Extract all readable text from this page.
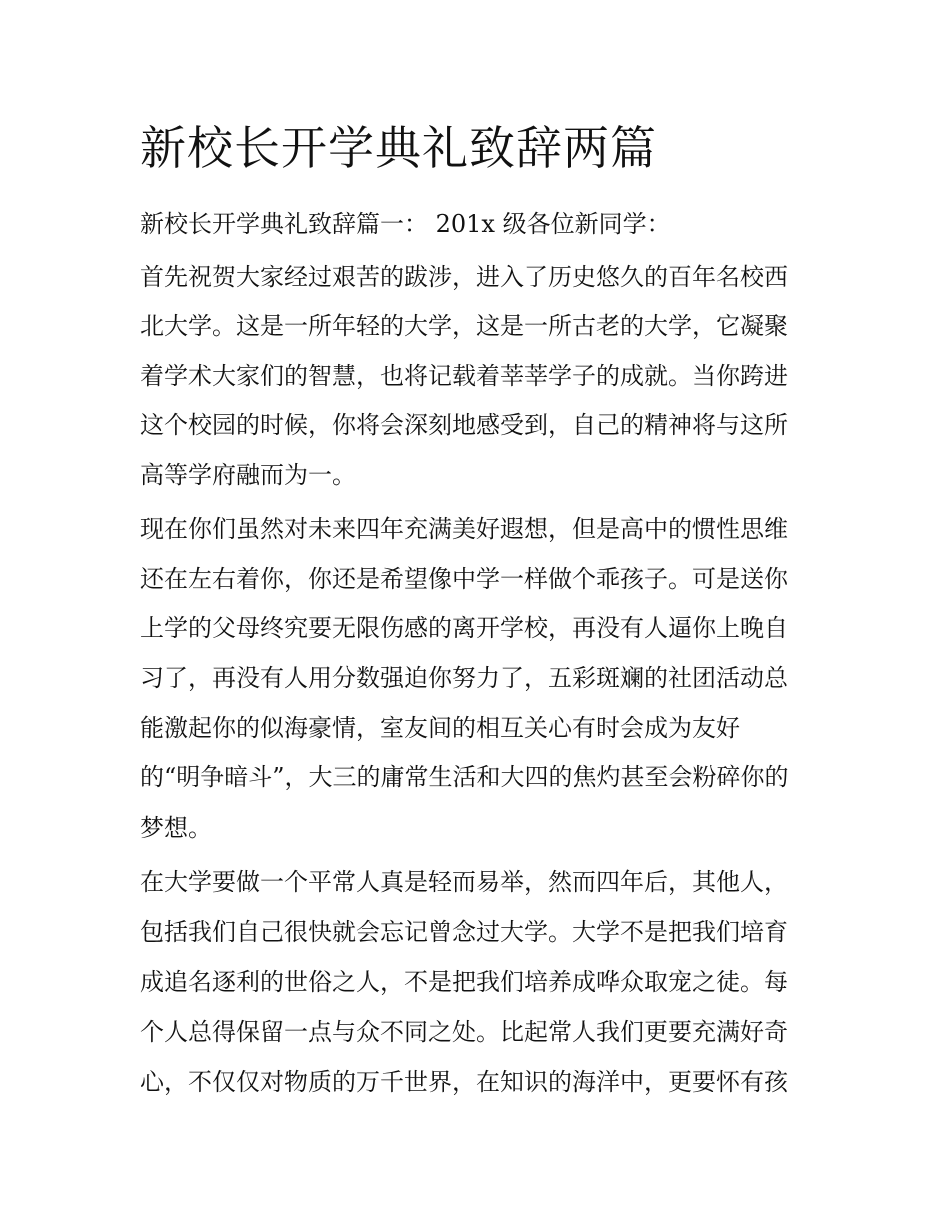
新校长开学典礼致辞两篇

新校长开学典礼致辞篇一： 201x 级各位新同学：

首先祝贺大家经过艰苦的跋涉，进入了历史悠久的百年名校西

北大学。这是一所年轻的大学，这是一所古老的大学，它凝聚

着学术大家们的智慧，也将记载着莘莘学子的成就。当你跨进

这个校园的时候，你将会深刻地感受到，自己的精神将与这所

高等学府融而为一。

现在你们虽然对未来四年充满美好遐想，但是高中的惯性思维

还在左右着你，你还是希望像中学一样做个乖孩子。可是送你

上学的父母终究要无限伤感的离开学校，再没有人逼你上晚自

习了，再没有人用分数强迫你努力了，五彩斑斓的社团活动总

能激起你的似海豪情，室友间的相互关心有时会成为友好

的“明争暗斗”，大三的庸常生活和大四的焦灼甚至会粉碎你的

梦想。

在大学要做一个平常人真是轻而易举，然而四年后，其他人，

包括我们自己很快就会忘记曾念过大学。大学不是把我们培育

成追名逐利的世俗之人，不是把我们培养成哗众取宠之徒。每

个人总得保留一点与众不同之处。比起常人我们更要充满好奇

心，不仅仅对物质的万千世界，在知识的海洋中，更要怀有孩
